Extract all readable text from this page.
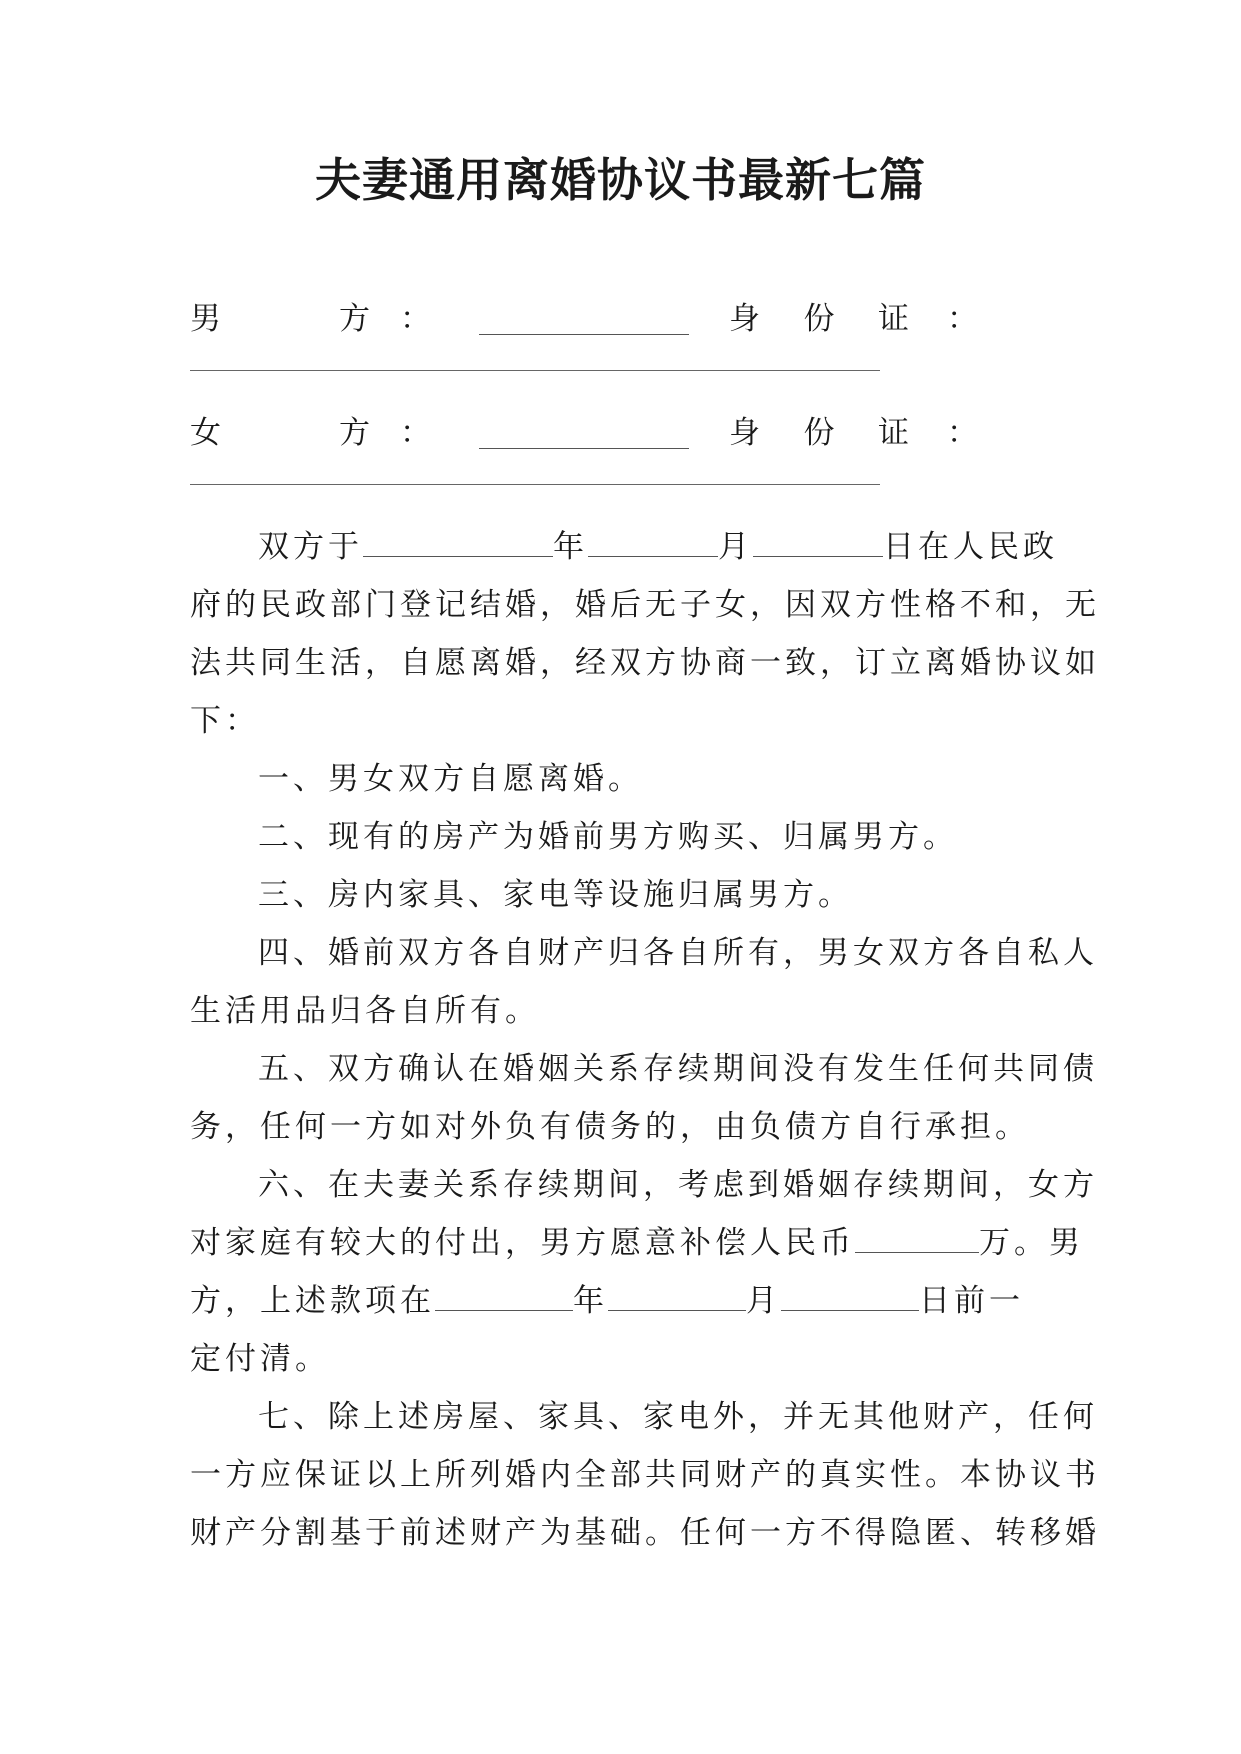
夫妻通用离婚协议书最新七篇
男	方 ：	身 份 证 ：
女	方 ：	身 份 证 ：
双方于	年	月	日在人民政
府的民政部门登记结婚，婚后无子女，因双方性格不和，无
法共同生活，自愿离婚，经双方协商一致，订立离婚协议如
下：
一、男女双方自愿离婚。
二、现有的房产为婚前男方购买、归属男方。
三、房内家具、家电等设施归属男方。
四、婚前双方各自财产归各自所有，男女双方各自私人
生活用品归各自所有。
五、双方确认在婚姻关系存续期间没有发生任何共同债
务，任何一方如对外负有债务的，由负债方自行承担。
六、在夫妻关系存续期间，考虑到婚姻存续期间，女方
对家庭有较大的付出，男方愿意补偿人民币	万。男
方，上述款项在	年	月	日前一
定付清。
七、除上述房屋、家具、家电外，并无其他财产，任何
一方应保证以上所列婚内全部共同财产的真实性。本协议书
财产分割基于前述财产为基础。任何一方不得隐匿、转移婚
